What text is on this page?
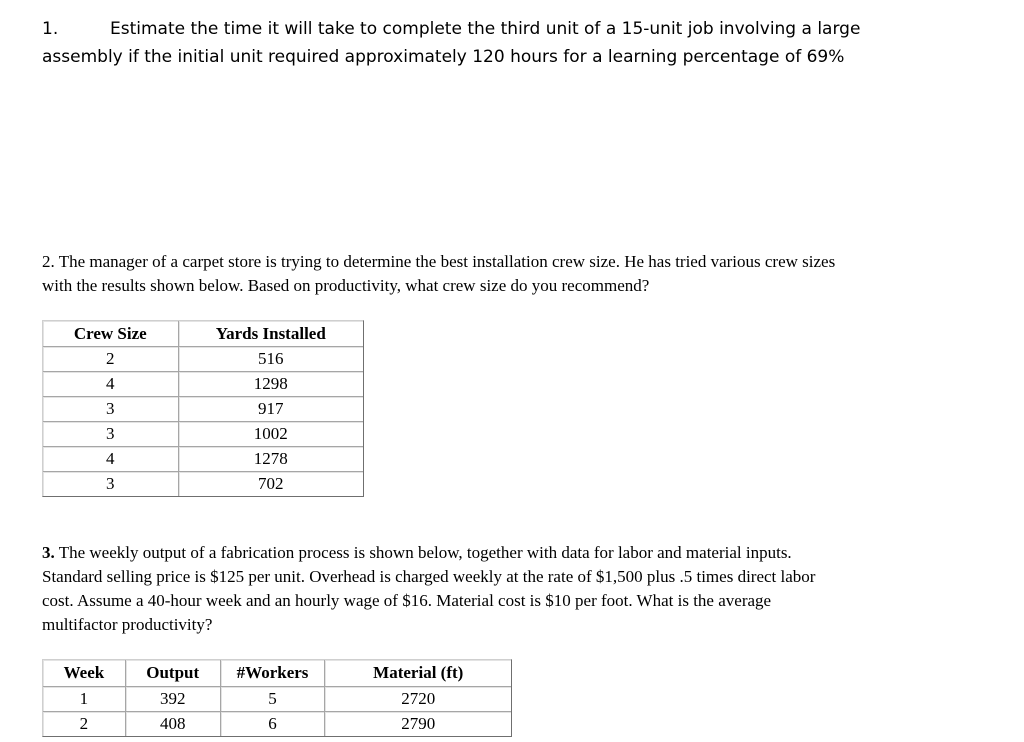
1.	Estimate the time it will take to complete the third unit of a 15-unit job involving a large
assembly if the initial unit required approximately 120 hours for a learning percentage of 69%
2. The manager of a carpet store is trying to determine the best installation crew size. He has tried various crew sizes
with the results shown below. Based on productivity, what crew size do you recommend?
Crew Size	Yards Installed
2	516
4	1298
3	917
3	1002
4	1278
3	702
3. The weekly output of a fabrication process is shown below, together with data for labor and material inputs.
Standard selling price is $125 per unit. Overhead is charged weekly at the rate of $1,500 plus .5 times direct labor
cost. Assume a 40-hour week and an hourly wage of $16. Material cost is $10 per foot. What is the average
multifactor productivity?
Week	Output	#Workers	Material (ft)
1	392	5	2720
2	408	6	2790
